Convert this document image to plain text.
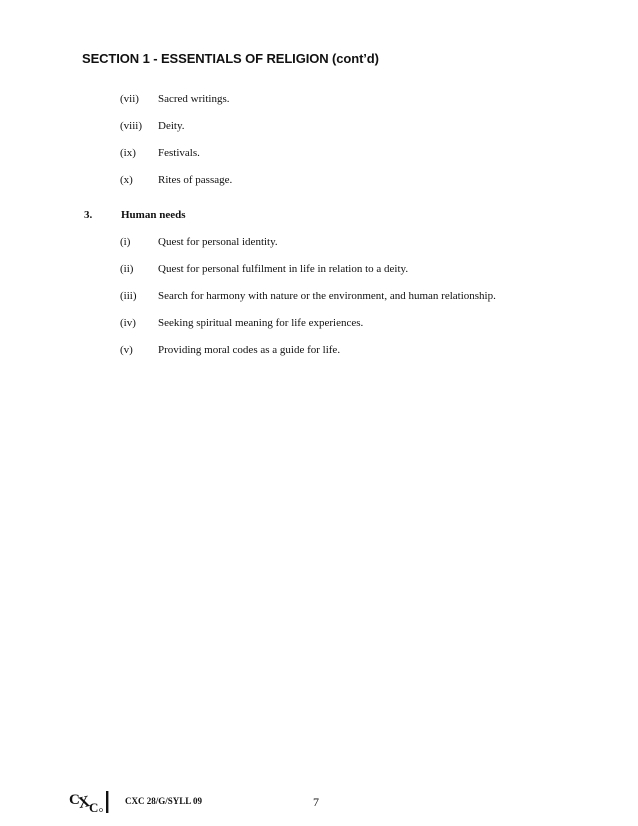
SECTION 1 - ESSENTIALS OF RELIGION (cont’d)
(vii) Sacred writings.
(viii) Deity.
(ix) Festivals.
(x) Rites of passage.
3.	Human needs
(i)	Quest for personal identity.
(ii) Quest for personal fulfilment in life in relation to a deity.
(iii) Search for harmony with nature or the environment, and human relationship.
(iv) Seeking spiritual meaning for life experiences.
(v) Providing moral codes as a guide for life.
C
X
C	CXC 28/G/SYLL 09	7
